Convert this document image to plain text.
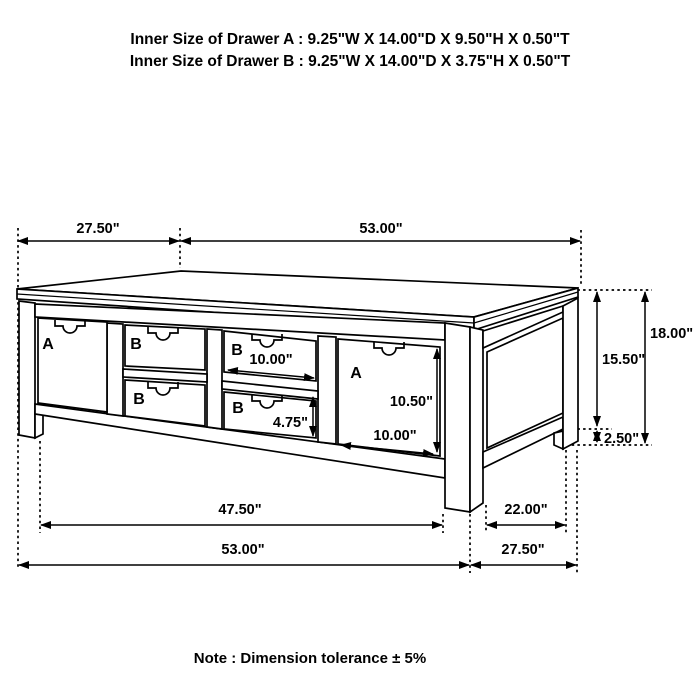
Inner Size of Drawer A : 9.25"W X 14.00"D X 9.50"H X 0.50"T
Inner Size of Drawer B : 9.25"W X 14.00"D X 3.75"H X 0.50"T
A	B
B
B
B
A
27.50"	53.00"
10.00"
4.75"
10.50"
10.00"
15.50"
18.00"
2.50"
47.50"	22.00"
53.00"	27.50"
Note : Dimension tolerance ± 5%
